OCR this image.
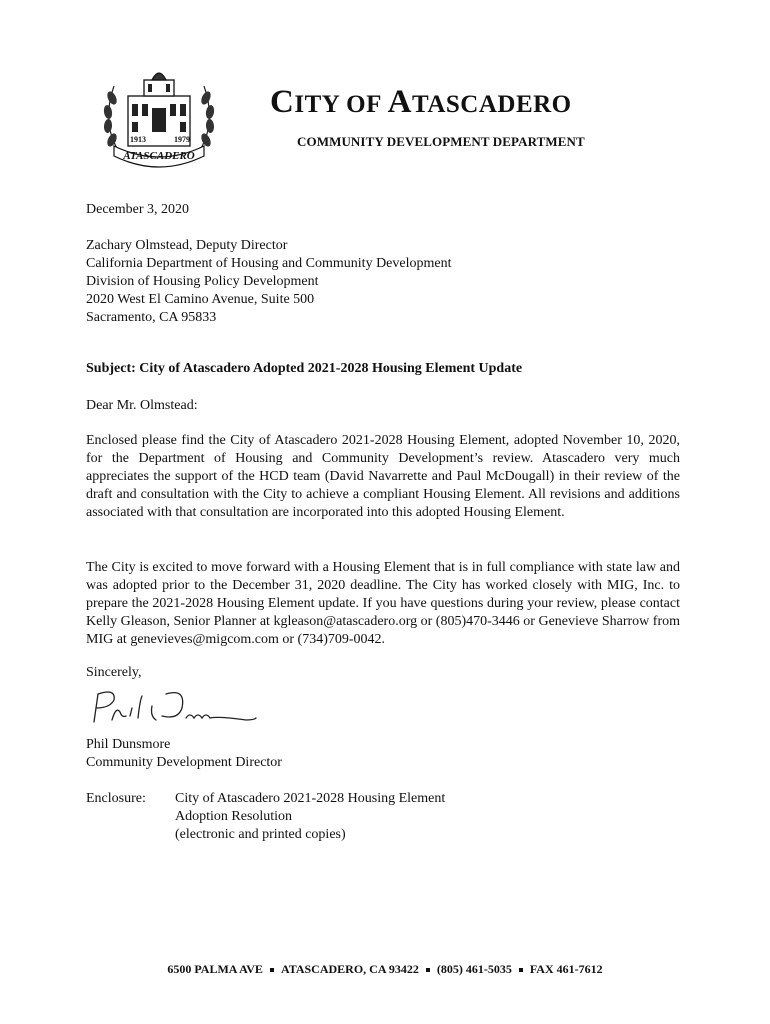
ATASCADERO
1913	1979
CITY OF ATASCADERO
COMMUNITY DEVELOPMENT DEPARTMENT
December 3, 2020
Zachary Olmstead, Deputy Director
California Department of Housing and Community Development
Division of Housing Policy Development
2020 West El Camino Avenue, Suite 500
Sacramento, CA 95833
Subject: City of Atascadero Adopted 2021-2028 Housing Element Update
Dear Mr. Olmstead:
Enclosed please find the City of Atascadero 2021-2028 Housing Element, adopted November 10, 2020, for the Department of Housing and Community Development’s review. Atascadero very much appreciates the support of the HCD team (David Navarrette and Paul McDougall) in their review of the draft and consultation with the City to achieve a compliant Housing Element. All revisions and additions associated with that consultation are incorporated into this adopted Housing Element.
The City is excited to move forward with a Housing Element that is in full compliance with state law and was adopted prior to the December 31, 2020 deadline. The City has worked closely with MIG, Inc. to prepare the 2021-2028 Housing Element update. If you have questions during your review, please contact Kelly Gleason, Senior Planner at kgleason@atascadero.org or (805)470-3446 or Genevieve Sharrow from MIG at genevieves@migcom.com or (734)709-0042.
Sincerely,
Phil Dunsmore
Community Development Director
Enclosure: City of Atascadero 2021-2028 Housing Element
Adoption Resolution
(electronic and printed copies)
6500 PALMA AVE ATASCADERO, CA 93422 (805) 461-5035 FAX 461-7612
